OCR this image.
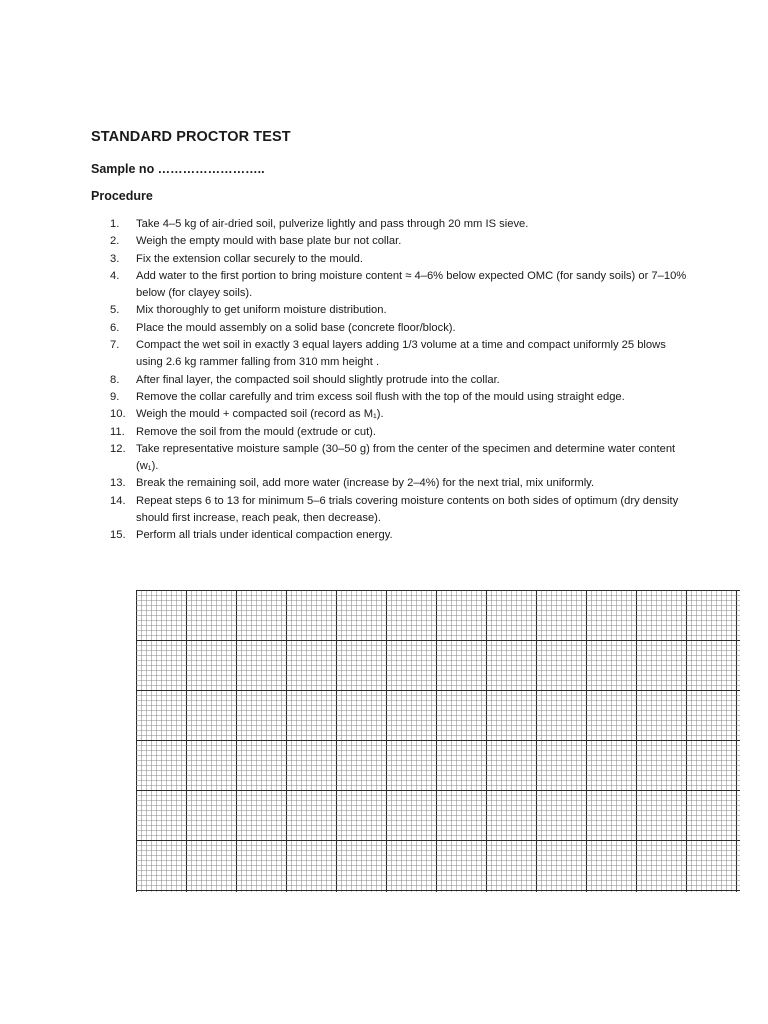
STANDARD PROCTOR TEST
Sample no ……………………..
Procedure
1.	Take 4–5 kg of air-dried soil, pulverize lightly and pass through 20 mm IS sieve.
2.	Weigh the empty mould with base plate bur not collar.
3.	Fix the extension collar securely to the mould.
4.	Add water to the first portion to bring moisture content ≈ 4–6% below expected OMC (for sandy soils) or 7–10% below (for clayey soils).
5.	Mix thoroughly to get uniform moisture distribution.
6.	Place the mould assembly on a solid base (concrete floor/block).
7.	Compact the wet soil in exactly 3 equal layers adding 1/3 volume at a time and compact uniformly 25 blows using 2.6 kg rammer falling from 310 mm height .
8.	After final layer, the compacted soil should slightly protrude into the collar.
9.	Remove the collar carefully and trim excess soil flush with the top of the mould using straight edge.
10. Weigh the mould + compacted soil (record as M₁).
11.	Remove the soil from the mould (extrude or cut).
12. Take representative moisture sample (30–50 g) from the center of the specimen and determine water content (w₁).
13. Break the remaining soil, add more water (increase by 2–4%) for the next trial, mix uniformly.
14. Repeat steps 6 to 13 for minimum 5–6 trials covering moisture contents on both sides of optimum (dry density should first increase, reach peak, then decrease).
15. Perform all trials under identical compaction energy.
